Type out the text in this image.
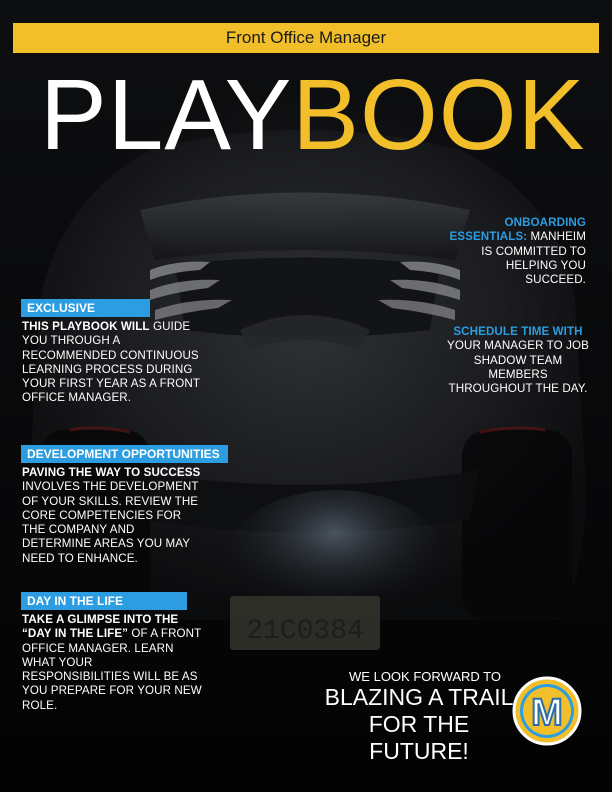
21C0384
Front Office Manager
PLAYBOOK
EXCLUSIVE
THIS PLAYBOOK WILL GUIDE YOU THROUGH A RECOMMENDED CONTINUOUS LEARNING PROCESS DURING YOUR FIRST YEAR AS A FRONT OFFICE MANAGER.
DEVELOPMENT OPPORTUNITIES
PAVING THE WAY TO SUCCESS INVOLVES THE DEVELOPMENT OF YOUR SKILLS. REVIEW THE CORE COMPETENCIES FOR THE COMPANY AND DETERMINE AREAS YOU MAY NEED TO ENHANCE.
DAY IN THE LIFE
TAKE A GLIMPSE INTO THE “DAY IN THE LIFE” OF A FRONT OFFICE MANAGER. LEARN WHAT YOUR RESPONSIBILITIES WILL BE AS YOU PREPARE FOR YOUR NEW ROLE.
ONBOARDING
ESSENTIALS: MANHEIM IS COMMITTED TO HELPING YOU SUCCEED.
SCHEDULE TIME WITH
YOUR MANAGER TO JOB SHADOW TEAM MEMBERS THROUGHOUT THE DAY.
WE LOOK FORWARD TO
BLAZING A TRAIL
FOR THE FUTURE!
M
